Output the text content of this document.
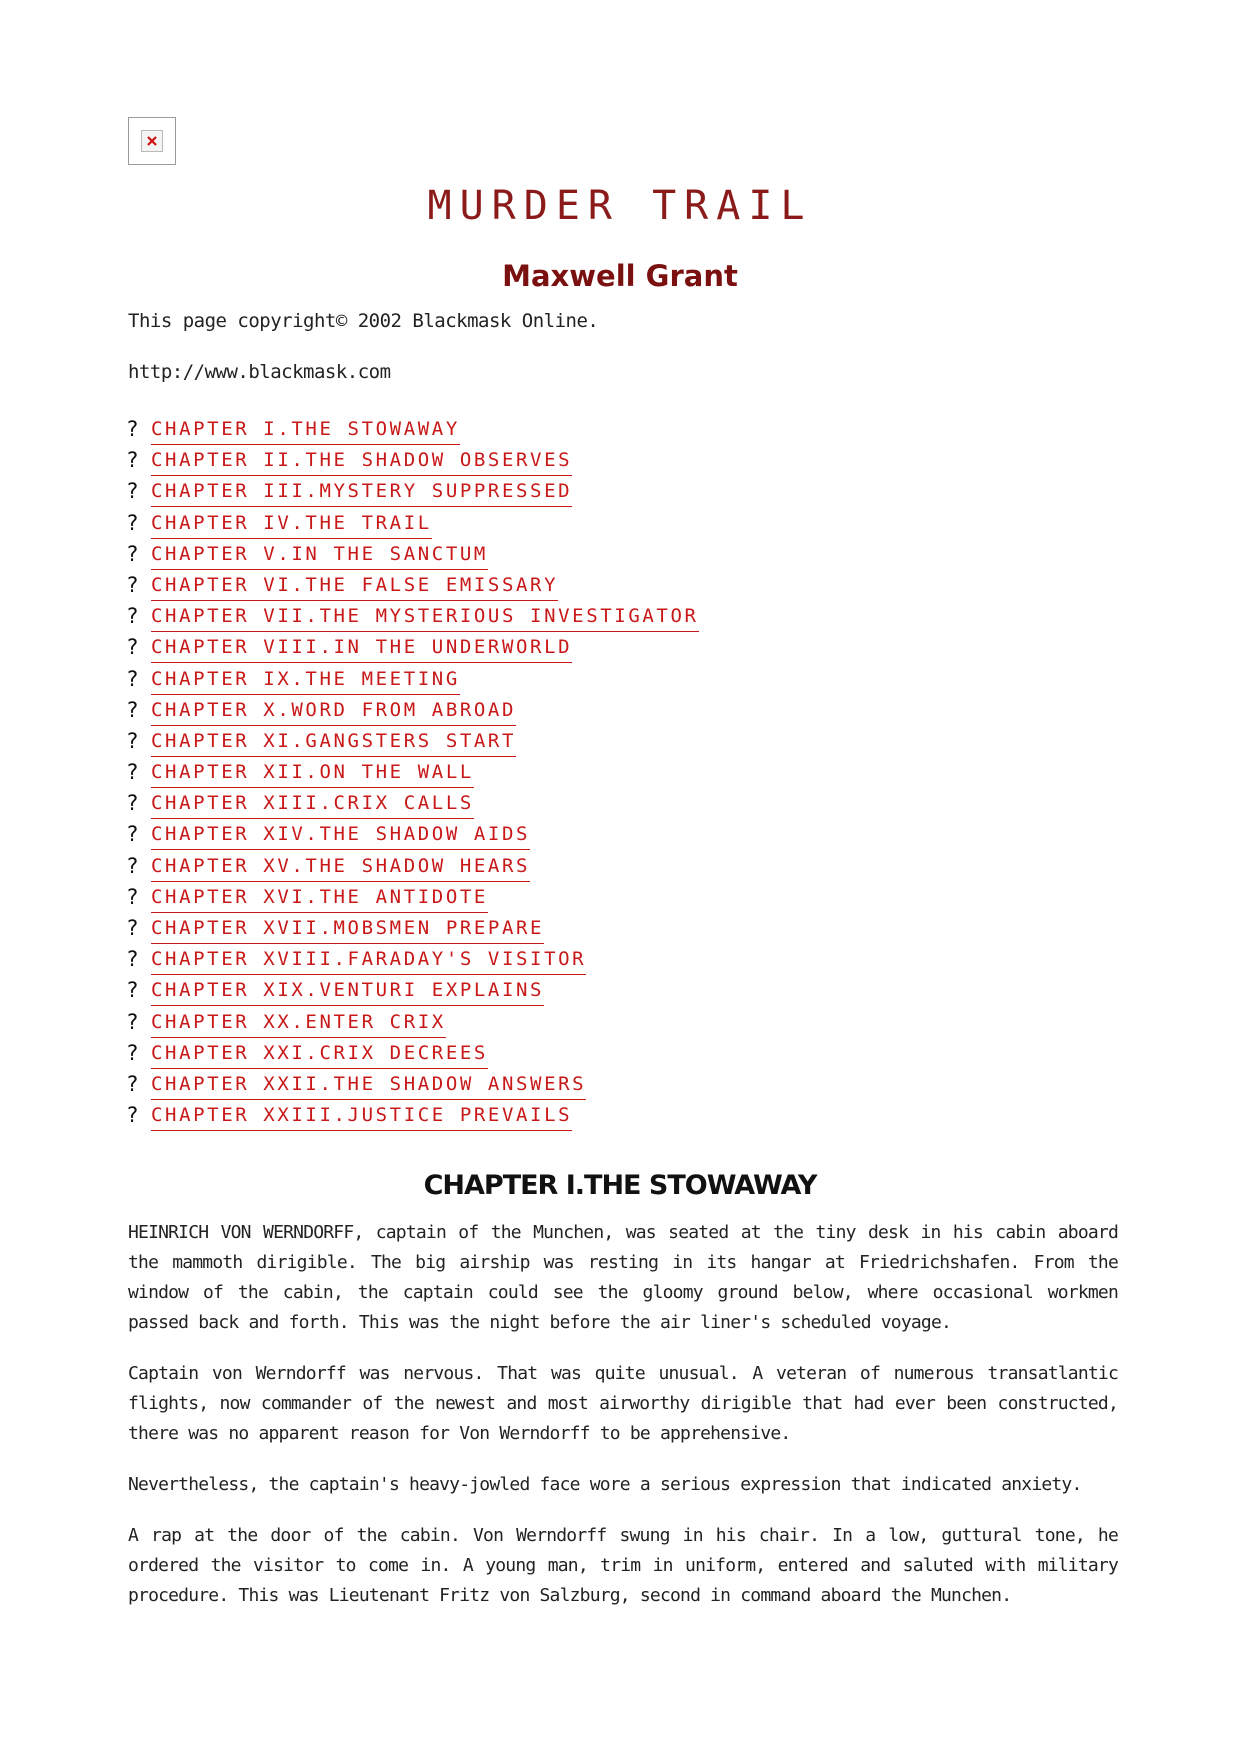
MURDER TRAIL
Maxwell Grant

This page copyright© 2002 Blackmask Online.

http://www.blackmask.com

? CHAPTER I.THE STOWAWAY
? CHAPTER II.THE SHADOW OBSERVES
? CHAPTER III.MYSTERY SUPPRESSED
? CHAPTER IV.THE TRAIL
? CHAPTER V.IN THE SANCTUM
? CHAPTER VI.THE FALSE EMISSARY
? CHAPTER VII.THE MYSTERIOUS INVESTIGATOR
? CHAPTER VIII.IN THE UNDERWORLD
? CHAPTER IX.THE MEETING
? CHAPTER X.WORD FROM ABROAD
? CHAPTER XI.GANGSTERS START
? CHAPTER XII.ON THE WALL
? CHAPTER XIII.CRIX CALLS
? CHAPTER XIV.THE SHADOW AIDS
? CHAPTER XV.THE SHADOW HEARS
? CHAPTER XVI.THE ANTIDOTE
? CHAPTER XVII.MOBSMEN PREPARE
? CHAPTER XVIII.FARADAY'S VISITOR
? CHAPTER XIX.VENTURI EXPLAINS
? CHAPTER XX.ENTER CRIX
? CHAPTER XXI.CRIX DECREES
? CHAPTER XXII.THE SHADOW ANSWERS
? CHAPTER XXIII.JUSTICE PREVAILS
CHAPTER I.THE STOWAWAY

HEINRICH VON WERNDORFF, captain of the Munchen, was seated at the tiny desk in his cabin aboard the mammoth dirigible. The big airship was resting in its hangar at Friedrichshafen. From the window of the cabin, the captain could see the gloomy ground below, where occasional workmen passed back and forth. This was the night before the air liner's scheduled voyage.

Captain von Werndorff was nervous. That was quite unusual. A veteran of numerous transatlantic flights, now commander of the newest and most airworthy dirigible that had ever been constructed, there was no apparent reason for Von Werndorff to be apprehensive.

Nevertheless, the captain's heavy-jowled face wore a serious expression that indicated anxiety.

A rap at the door of the cabin. Von Werndorff swung in his chair. In a low, guttural tone, he ordered the visitor to come in. A young man, trim in uniform, entered and saluted with military procedure. This was Lieutenant Fritz von Salzburg, second in command aboard the Munchen.
